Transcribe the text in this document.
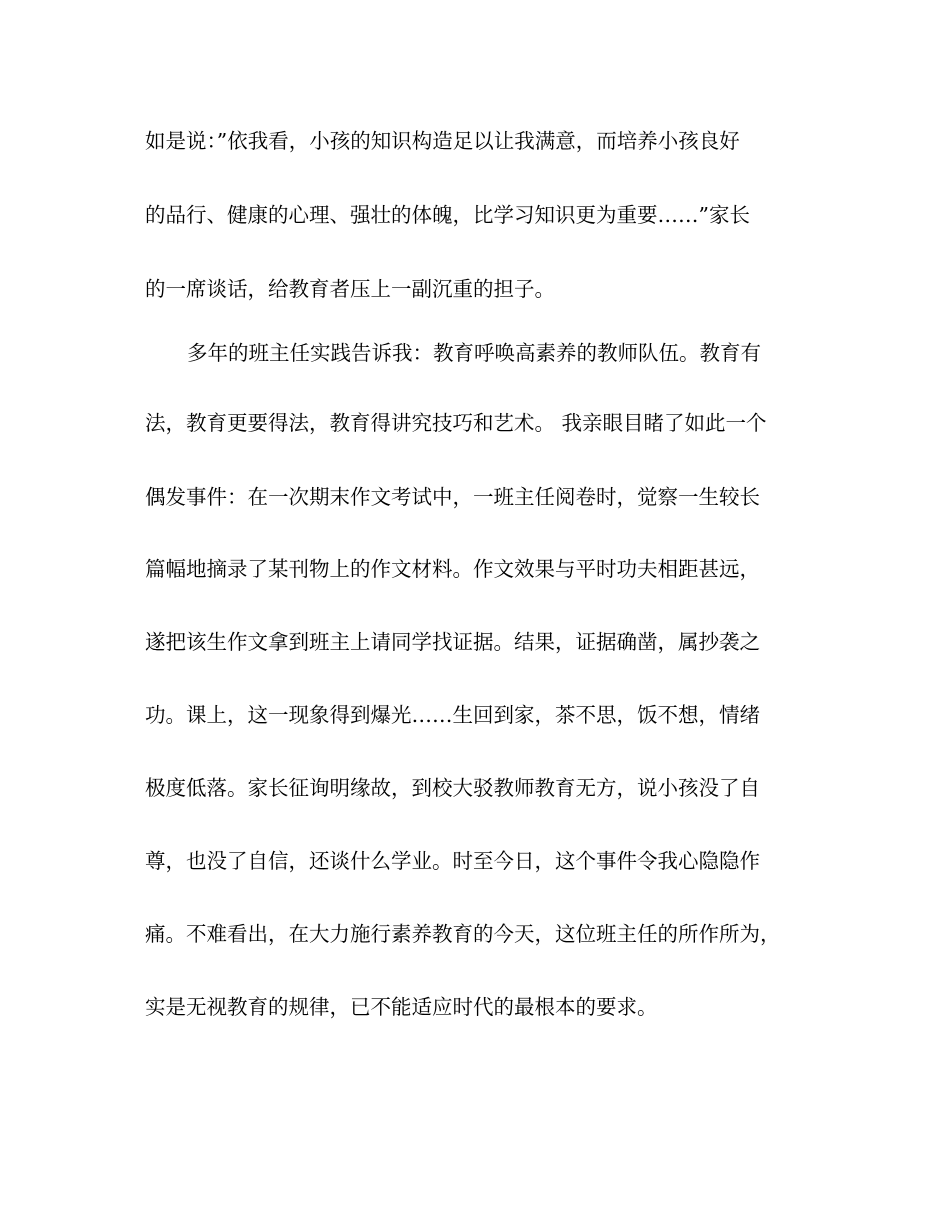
如是说：”依我看，小孩的知识构造足以让我满意，而培养小孩良好
的品行、健康的心理、强壮的体魄，比学习知识更为重要……”家长
的一席谈话，给教育者压上一副沉重的担子。
多年的班主任实践告诉我：教育呼唤高素养的教师队伍。教育有
法，教育更要得法，教育得讲究技巧和艺术。 我亲眼目睹了如此一个
偶发事件：在一次期末作文考试中，一班主任阅卷时，觉察一生较长
篇幅地摘录了某刊物上的作文材料。作文效果与平时功夫相距甚远，
遂把该生作文拿到班主上请同学找证据。结果，证据确凿，属抄袭之
功。课上，这一现象得到爆光……生回到家，茶不思，饭不想，情绪
极度低落。家长征询明缘故，到校大驳教师教育无方，说小孩没了自
尊，也没了自信，还谈什么学业。时至今日，这个事件令我心隐隐作
痛。不难看出，在大力施行素养教育的今天，这位班主任的所作所为，
实是无视教育的规律，已不能适应时代的最根本的要求。
